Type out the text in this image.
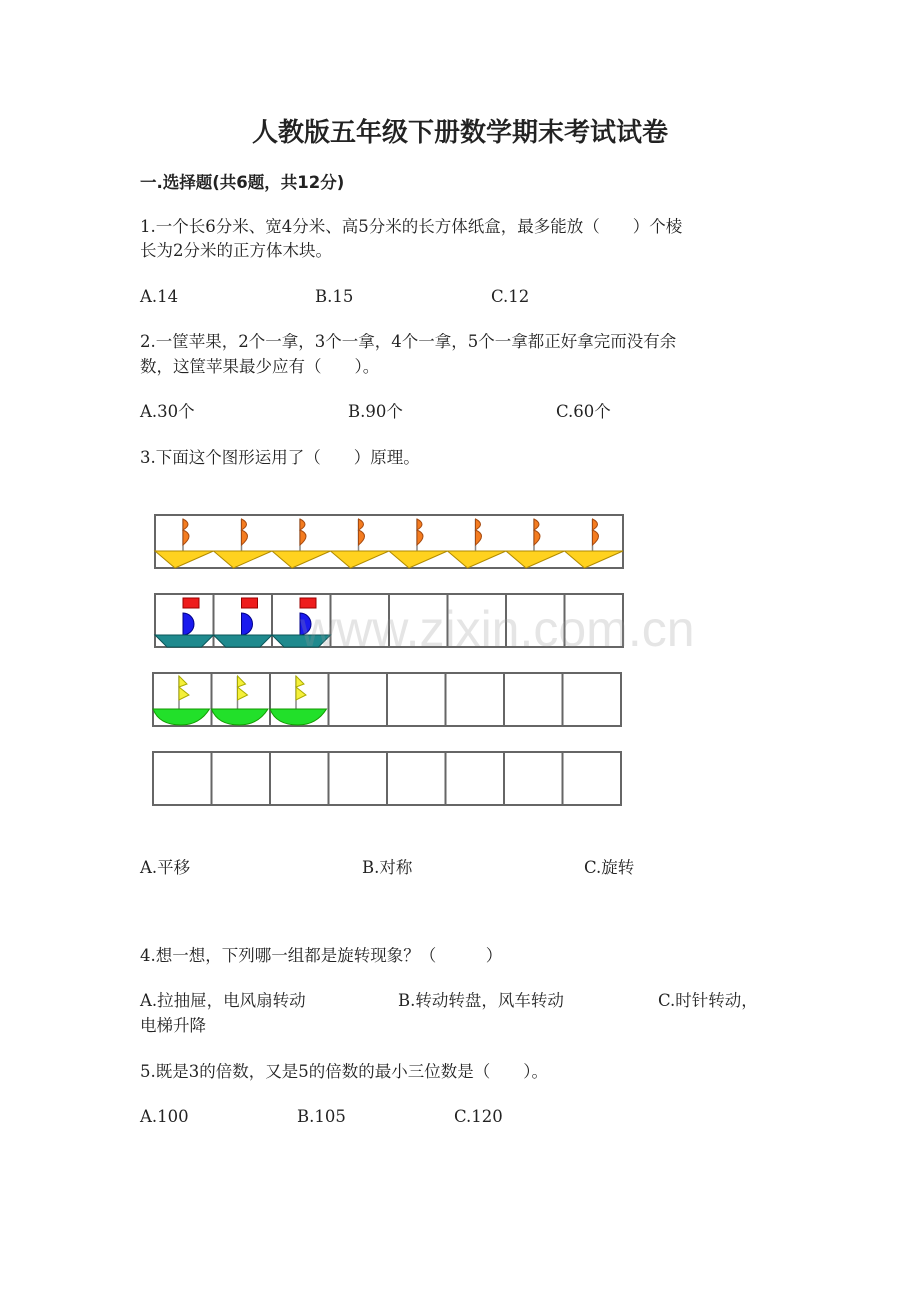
人教版五年级下册数学期末考试试卷
一.选择题(共6题，共12分)
1.一个长6分米、宽4分米、高5分米的长方体纸盒，最多能放（　　）个棱
长为2分米的正方体木块。
A.14	B.15	C.12
2.一筐苹果，2个一拿，3个一拿，4个一拿，5个一拿都正好拿完而没有余
数，这筐苹果最少应有（　　）。
A.30个	B.90个	C.60个
3.下面这个图形运用了（　　）原理。
www.zixin.com.cn
A.平移	B.对称	C.旋转
4.想一想，下列哪一组都是旋转现象？（　　　）
A.拉抽屉，电风扇转动	B.转动转盘，风车转动	C.时针转动，
电梯升降
5.既是3的倍数，又是5的倍数的最小三位数是（　　）。
A.100	B.105	C.120
